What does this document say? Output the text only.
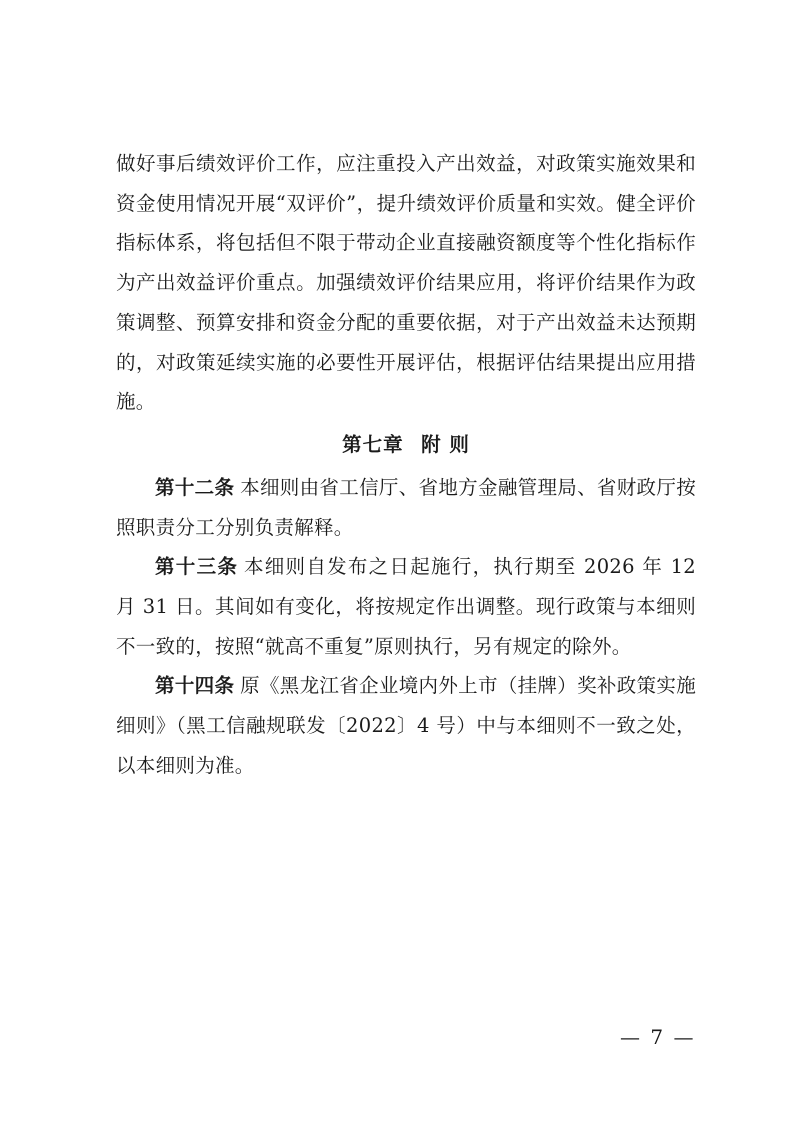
做好事后绩效评价工作，应注重投入产出效益，对政策实施效果和资金使用情况开展“双评价”，提升绩效评价质量和实效。健全评价指标体系，将包括但不限于带动企业直接融资额度等个性化指标作为产出效益评价重点。加强绩效评价结果应用，将评价结果作为政策调整、预算安排和资金分配的重要依据，对于产出效益未达预期的，对政策延续实施的必要性开展评估，根据评估结果提出应用措施。

第七章 附 则

第十二条 本细则由省工信厅、省地方金融管理局、省财政厅按照职责分工分别负责解释。

第十三条 本细则自发布之日起施行，执行期至 2026 年 12 月 31 日。其间如有变化，将按规定作出调整。现行政策与本细则不一致的，按照“就高不重复”原则执行，另有规定的除外。

第十四条 原《黑龙江省企业境内外上市（挂牌）奖补政策实施细则》（黑工信融规联发〔2022〕4 号）中与本细则不一致之处，以本细则为准。

— 7 —
